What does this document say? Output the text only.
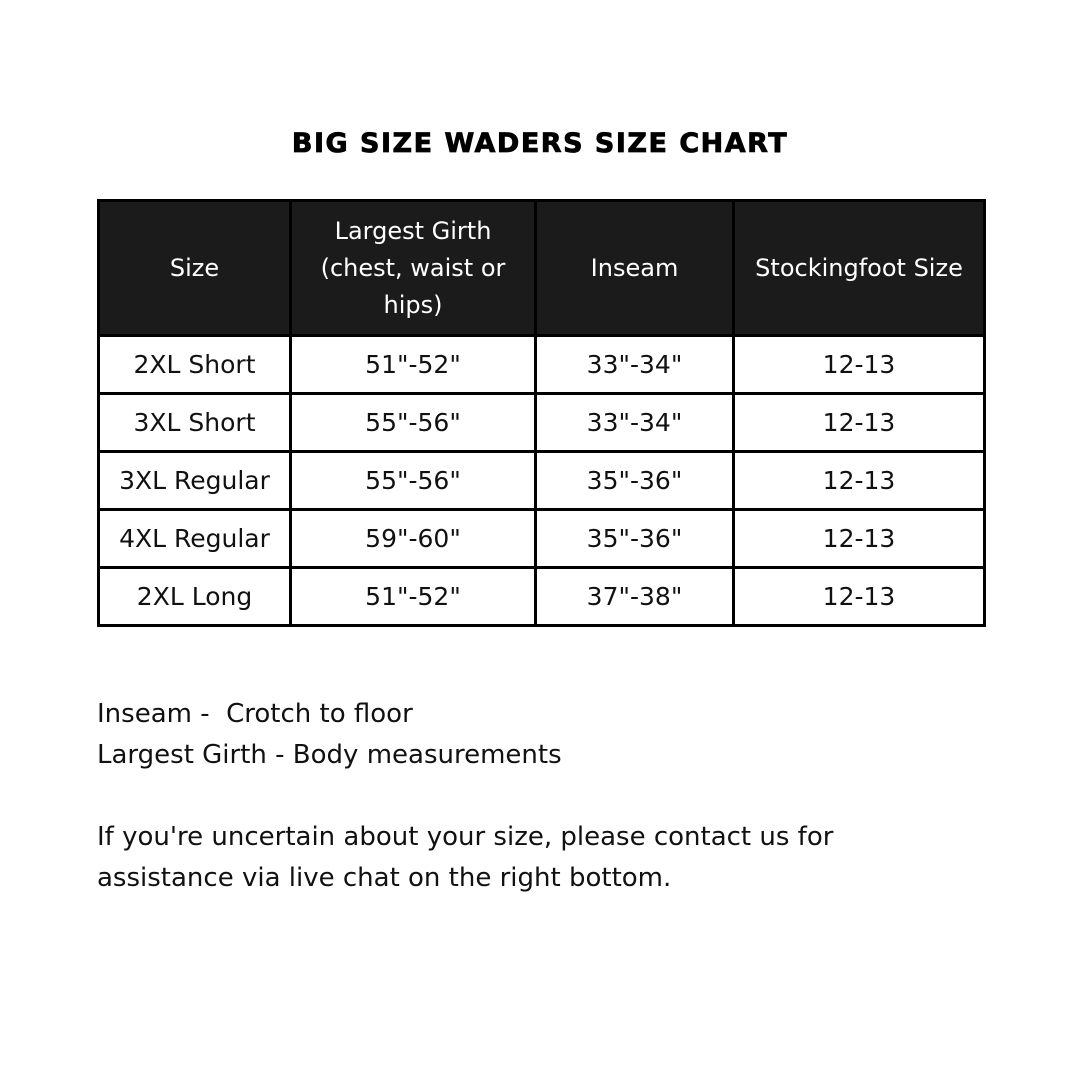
BIG SIZE WADERS SIZE CHART
Size	Largest Girth (chest, waist or hips)	Inseam	Stockingfoot Size
2XL Short	51"-52"	33"-34"	12-13
3XL Short	55"-56"	33"-34"	12-13
3XL Regular	55"-56"	35"-36"	12-13
4XL Regular	59"-60"	35"-36"	12-13
2XL Long	51"-52"	37"-38"	12-13

Inseam -  Crotch to floor

Largest Girth - Body measurements

If you're uncertain about your size, please contact us for

assistance via live chat on the right bottom.
